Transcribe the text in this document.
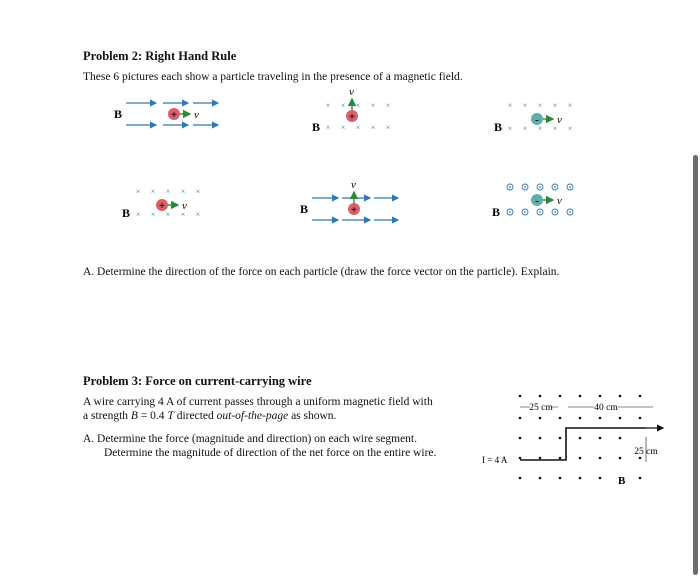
Problem 2: Right Hand Rule
These 6 pictures each show a particle traveling in the presence of a magnetic field.
+ v
B
× × × × ×
× × × × ×
+
v
B
× × × × ×
× × × × ×
- v
B
× × × × ×
× × × × ×
+ v
B	+
v
B
- v
B
A. Determine the direction of the force on each particle (draw the force vector on the particle). Explain.
Problem 3: Force on current-carrying wire
A wire carrying 4 A of current passes through a uniform magnetic field with
a strength B = 0.4 T directed out-of-the-page as shown.
A. Determine the force (magnitude and direction) on each wire segment.
Determine the magnitude of direction of the net force on the entire wire.
25 cm	40 cm
25 cm
I = 4 A
B
